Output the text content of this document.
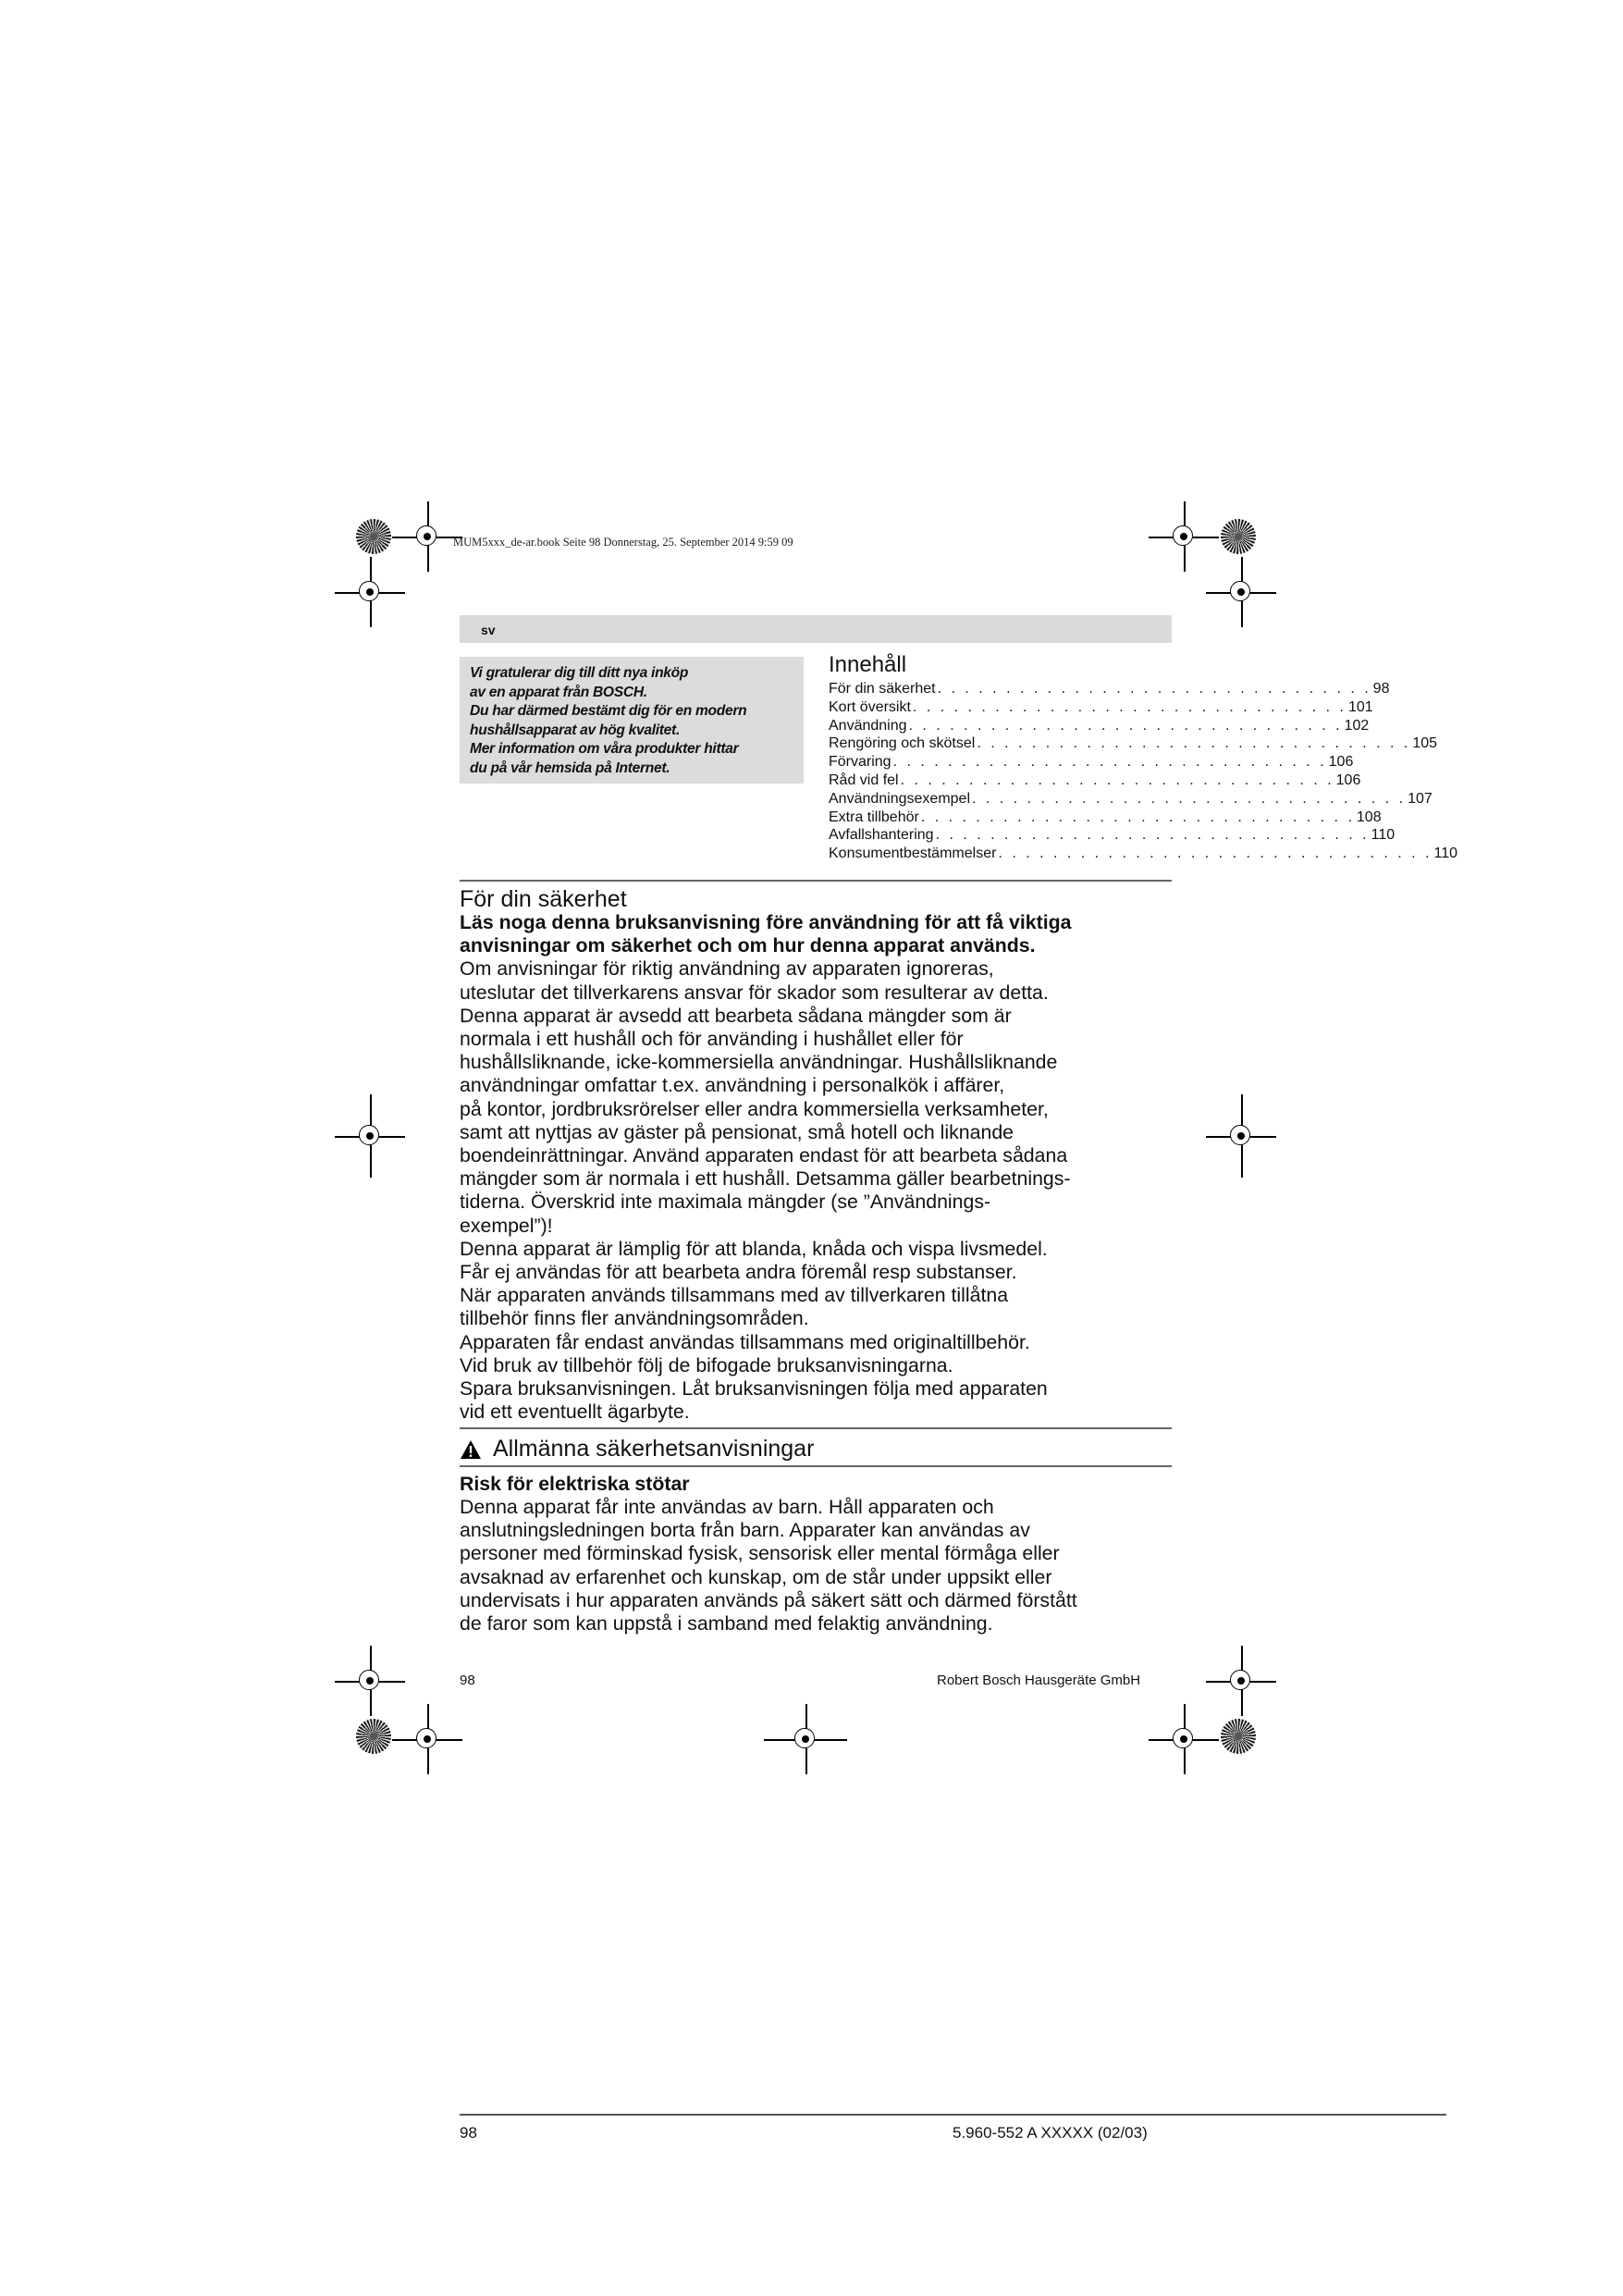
MUM5xxx_de-ar.book Seite 98 Donnerstag, 25. September 2014 9:59 09
sv
Vi gratulerar dig till ditt nya inköp
av en apparat från BOSCH.
Du har därmed bestämt dig för en modern
hushållsapparat av hög kvalitet.
Mer information om våra produkter hittar
du på vår hemsida på Internet.
Innehåll
För din säkerhet . . . . . . . . . . . . . . . . . . . . . . . . . . . . . . . . 98
Kort översikt . . . . . . . . . . . . . . . . . . . . . . . . . . . . . . . . 101
Användning . . . . . . . . . . . . . . . . . . . . . . . . . . . . . . . . 102
Rengöring och skötsel . . . . . . . . . . . . . . . . . . . . . . . . . . . . . . . . 105
Förvaring . . . . . . . . . . . . . . . . . . . . . . . . . . . . . . . . 106
Råd vid fel . . . . . . . . . . . . . . . . . . . . . . . . . . . . . . . . 106
Användningsexempel . . . . . . . . . . . . . . . . . . . . . . . . . . . . . . . . 107
Extra tillbehör . . . . . . . . . . . . . . . . . . . . . . . . . . . . . . . . 108
Avfallshantering . . . . . . . . . . . . . . . . . . . . . . . . . . . . . . . . 110
Konsumentbestämmelser . . . . . . . . . . . . . . . . . . . . . . . . . . . . . . . . 110
För din säkerhet
Läs noga denna bruksanvisning före användning för att få viktiga
anvisningar om säkerhet och om hur denna apparat används.
Om anvisningar för riktig användning av apparaten ignoreras,
uteslutar det tillverkarens ansvar för skador som resulterar av detta.
Denna apparat är avsedd att bearbeta sådana mängder som är
normala i ett hushåll och för använding i hushållet eller för
hushållsliknande, icke-kommersiella användningar. Hushållsliknande
användningar omfattar t.ex. användning i personalkök i affärer,
på kontor, jordbruksrörelser eller andra kommersiella verksamheter,
samt att nyttjas av gäster på pensionat, små hotell och liknande
boendeinrättningar. Använd apparaten endast för att bearbeta sådana
mängder som är normala i ett hushåll. Detsamma gäller bearbetnings-
tiderna. Överskrid inte maximala mängder (se ”Användnings-
exempel”)!
Denna apparat är lämplig för att blanda, knåda och vispa livsmedel.
Får ej användas för att bearbeta andra föremål resp substanser.
När apparaten används tillsammans med av tillverkaren tillåtna
tillbehör finns fler användningsområden.
Apparaten får endast användas tillsammans med originaltillbehör.
Vid bruk av tillbehör följ de bifogade bruksanvisningarna.
Spara bruksanvisningen. Låt bruksanvisningen följa med apparaten
vid ett eventuellt ägarbyte.
Allmänna säkerhetsanvisningar
Risk för elektriska stötar
Denna apparat får inte användas av barn. Håll apparaten och
anslutningsledningen borta från barn. Apparater kan användas av
personer med förminskad fysisk, sensorisk eller mental förmåga eller
avsaknad av erfarenhet och kunskap, om de står under uppsikt eller
undervisats i hur apparaten används på säkert sätt och därmed förstått
de faror som kan uppstå i samband med felaktig användning.
98	Robert Bosch Hausgeräte GmbH
98	5.960-552 A XXXXX (02/03)
